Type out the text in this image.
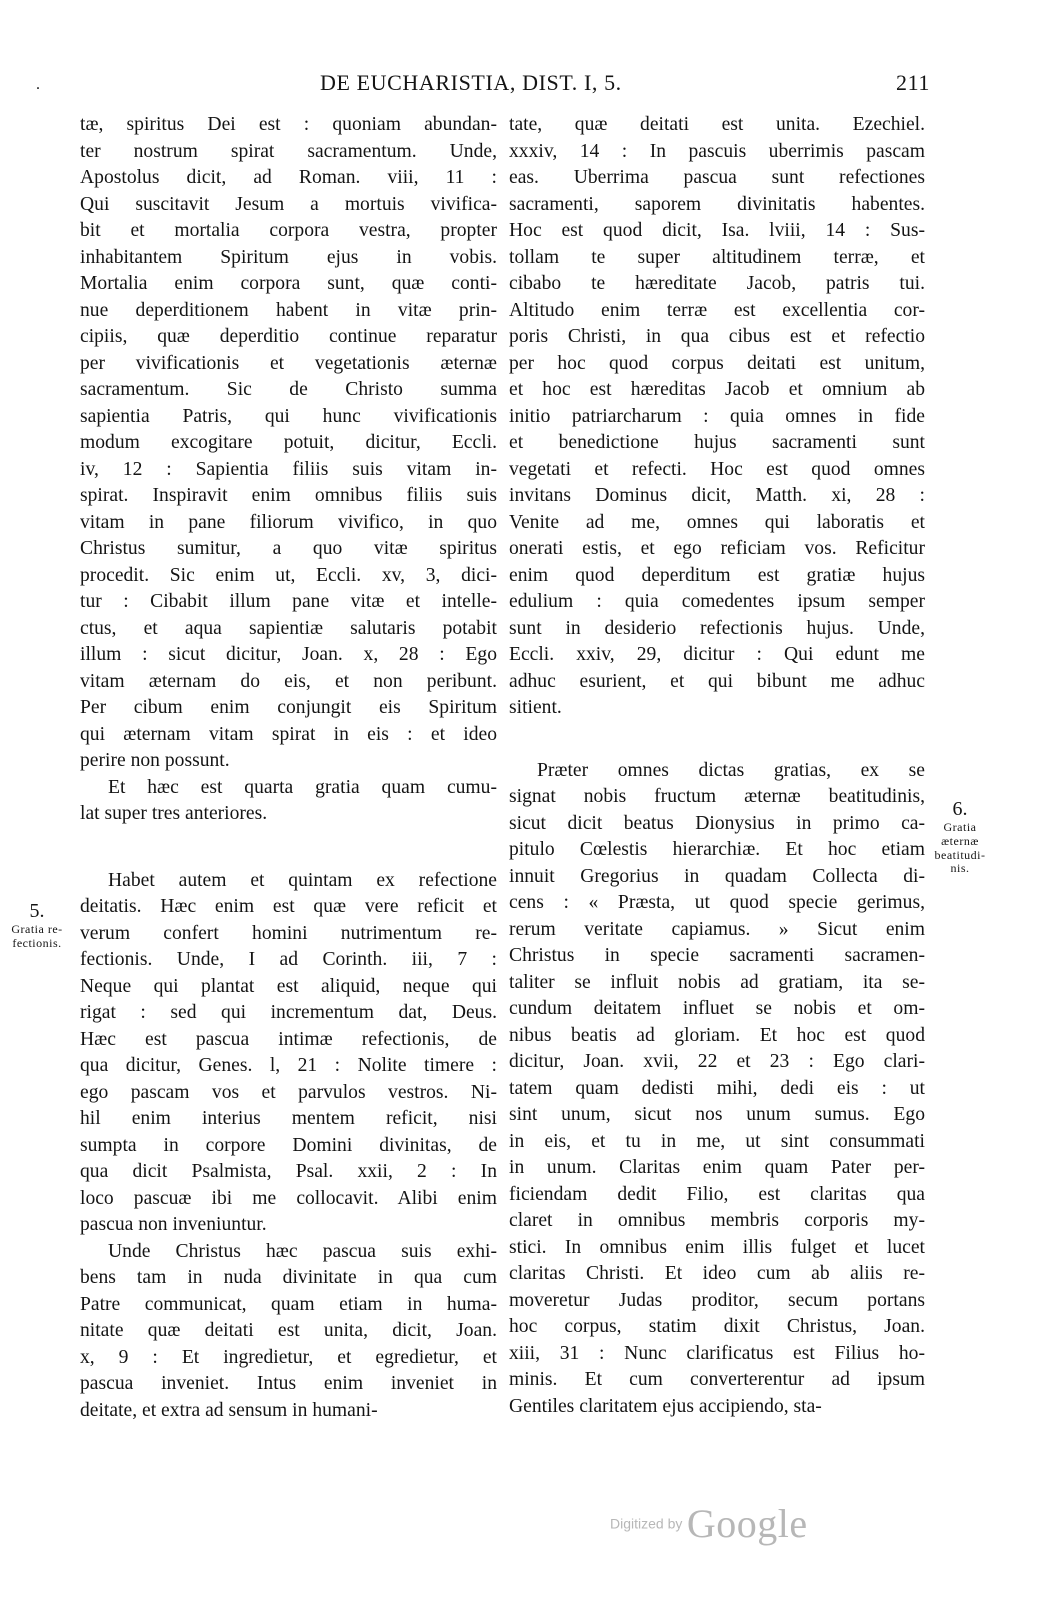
.	DE EUCHARISTIA, DIST. I, 5.	211

tæ, spiritus Dei est : quoniam abundan-
ter nostrum spirat sacramentum. Unde,
Apostolus dicit, ad Roman. viii, 11 :
Qui suscitavit Jesum a mortuis vivifica-
bit et mortalia corpora vestra, propter
inhabitantem Spiritum ejus in vobis.
Mortalia enim corpora sunt, quæ conti-
nue deperditionem habent in vitæ prin-
cipiis, quæ deperditio continue reparatur
per vivificationis et vegetationis æternæ
sacramentum. Sic de Christo summa
sapientia Patris, qui hunc vivificationis
modum excogitare potuit, dicitur, Eccli.
iv, 12 : Sapientia filiis suis vitam in-
spirat. Inspiravit enim omnibus filiis suis
vitam in pane filiorum vivifico, in quo
Christus sumitur, a quo vitæ spiritus
procedit. Sic enim ut, Eccli. xv, 3, dici-
tur : Cibabit illum pane vitæ et intelle-
ctus, et aqua sapientiæ salutaris potabit
illum : sicut dicitur, Joan. x, 28 : Ego
vitam æternam do eis, et non peribunt.
Per cibum enim conjungit eis Spiritum
qui æternam vitam spirat in eis : et ideo
perire non possunt.

Et hæc est quarta gratia quam cumu-
lat super tres anteriores.

Habet autem et quintam ex refectione
deitatis. Hæc enim est quæ vere reficit et
verum confert homini nutrimentum re-
fectionis. Unde, I ad Corinth. iii, 7 :
Neque qui plantat est aliquid, neque qui
rigat : sed qui incrementum dat, Deus.
Hæc est pascua intimæ refectionis, de
qua dicitur, Genes. l, 21 : Nolite timere :
ego pascam vos et parvulos vestros. Ni-
hil enim interius mentem reficit, nisi
sumpta in corpore Domini divinitas, de
qua dicit Psalmista, Psal. xxii, 2 : In
loco pascuæ ibi me collocavit. Alibi enim
pascua non inveniuntur.

Unde Christus hæc pascua suis exhi-
bens tam in nuda divinitate in qua cum
Patre communicat, quam etiam in huma-
nitate quæ deitati est unita, dicit, Joan.
x, 9 : Et ingredietur, et egredietur, et
pascua inveniet. Intus enim inveniet in
deitate, et extra ad sensum in humani-

tate, quæ deitati est unita. Ezechiel.
xxxiv, 14 : In pascuis uberrimis pascam
eas. Uberrima pascua sunt refectiones
sacramenti, saporem divinitatis habentes.
Hoc est quod dicit, Isa. lviii, 14 : Sus-
tollam te super altitudinem terræ, et
cibabo te hæreditate Jacob, patris tui.
Altitudo enim terræ est excellentia cor-
poris Christi, in qua cibus est et refectio
per hoc quod corpus deitati est unitum,
et hoc est hæreditas Jacob et omnium ab
initio patriarcharum : quia omnes in fide
et benedictione hujus sacramenti sunt
vegetati et refecti. Hoc est quod omnes
invitans Dominus dicit, Matth. xi, 28 :
Venite ad me, omnes qui laboratis et
onerati estis, et ego reficiam vos. Reficitur
enim quod deperditum est gratiæ hujus
edulium : quia comedentes ipsum semper
sunt in desiderio refectionis hujus. Unde,
Eccli. xxiv, 29, dicitur : Qui edunt me
adhuc esurient, et qui bibunt me adhuc
sitient.

Præter omnes dictas gratias, ex se
signat nobis fructum æternæ beatitudinis,
sicut dicit beatus Dionysius in primo ca-
pitulo Cœlestis hierarchiæ. Et hoc etiam
innuit Gregorius in quadam Collecta di-
cens : « Præsta, ut quod specie gerimus,
rerum veritate capiamus. » Sicut enim
Christus in specie sacramenti sacramen-
taliter se influit nobis ad gratiam, ita se-
cundum deitatem influet se nobis et om-
nibus beatis ad gloriam. Et hoc est quod
dicitur, Joan. xvii, 22 et 23 : Ego clari-
tatem quam dedisti mihi, dedi eis : ut
sint unum, sicut nos unum sumus. Ego
in eis, et tu in me, ut sint consummati
in unum. Claritas enim quam Pater per-
ficiendam dedit Filio, est claritas qua
claret in omnibus membris corporis my-
stici. In omnibus enim illis fulget et lucet
claritas Christi. Et ideo cum ab aliis re-
moveretur Judas proditor, secum portans
hoc corpus, statim dixit Christus, Joan.
xiii, 31 : Nunc clarificatus est Filius ho-
minis. Et cum converterentur ad ipsum
Gentiles claritatem ejus accipiendo, sta-

5.
Gratia re-
fectionis.
6.
Gratia
æternæ
beatitudi-
nis.
Digitized by Google
